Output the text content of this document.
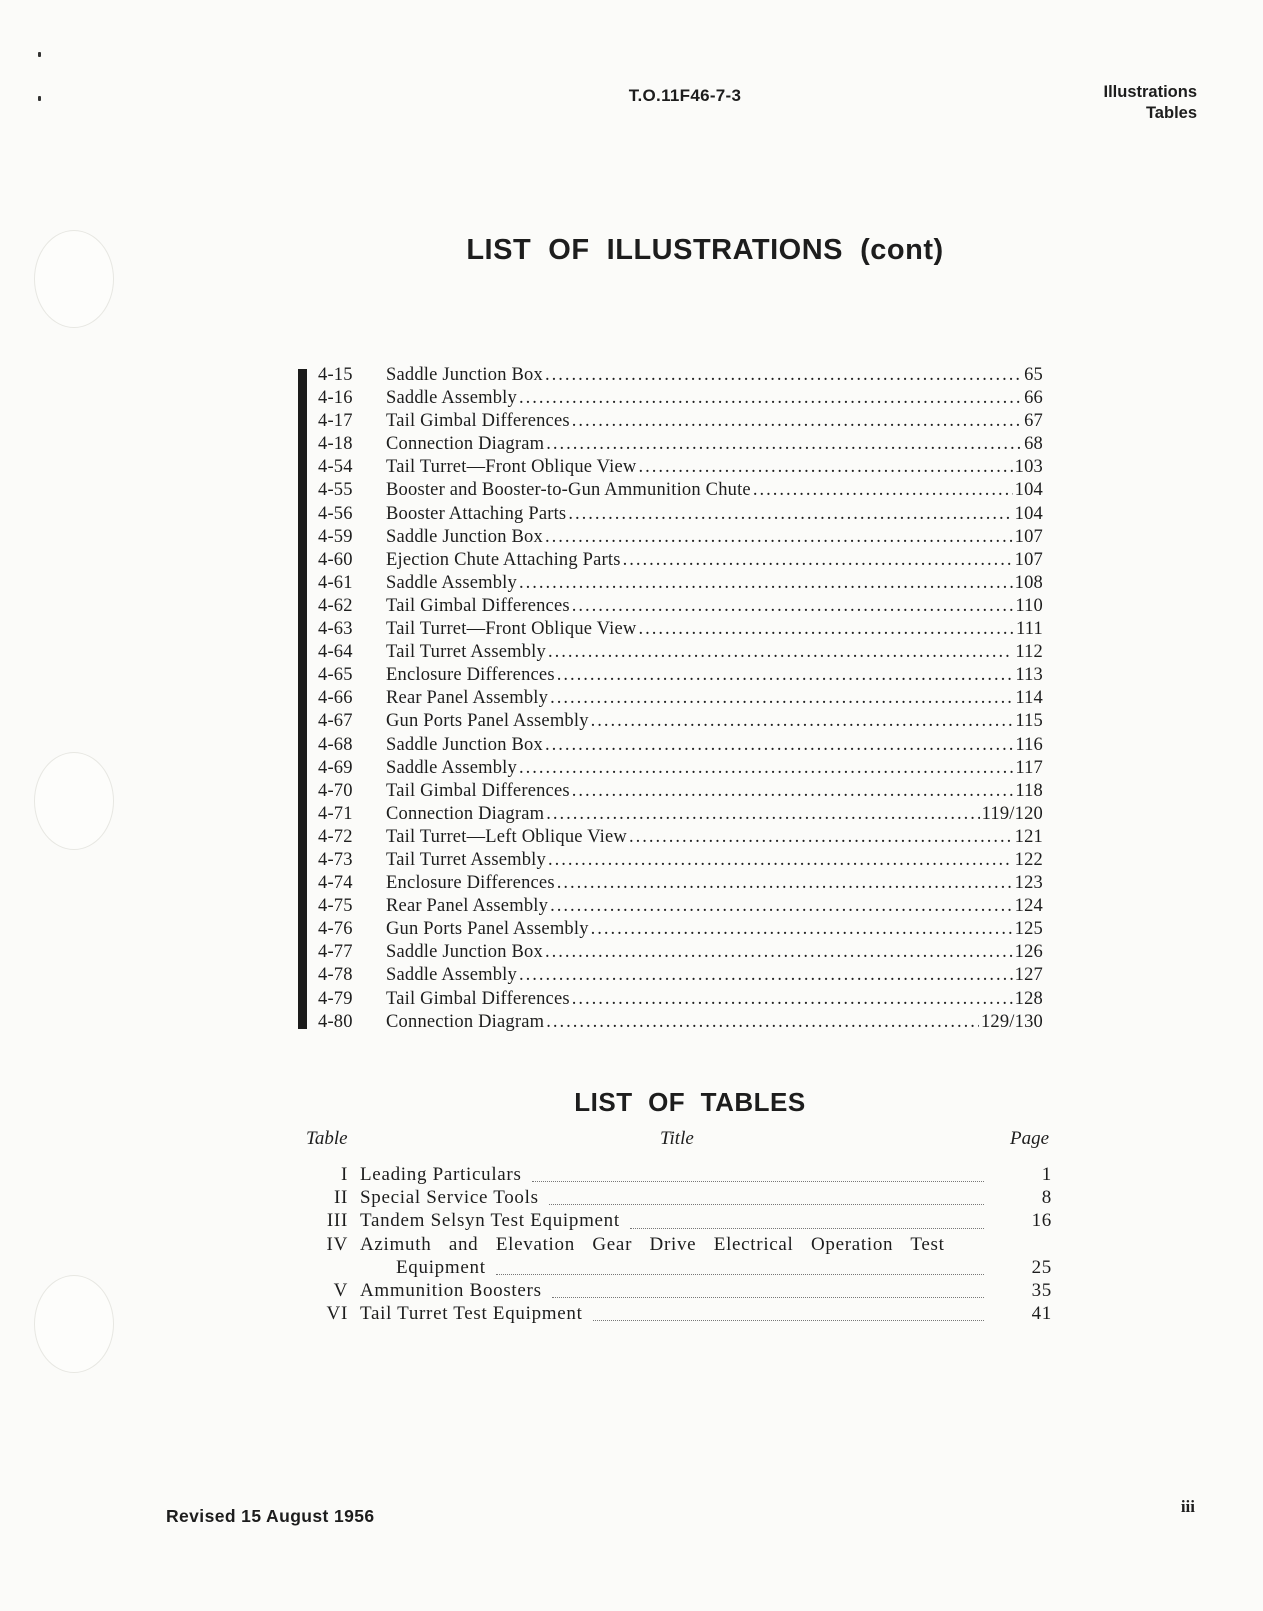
T.O.11F46-7-3	Illustrations
Tables
LIST  OF  ILLUSTRATIONS  (cont)
4-15	Saddle Junction Box .....	65
4-16	Saddle Assembly .....	66
4-17	Tail Gimbal Differences .....	67
4-18	Connection Diagram .....	68
4-54	Tail Turret—Front Oblique View .....	103
4-55	Booster and Booster-to-Gun Ammunition Chute .....	104
4-56	Booster Attaching Parts .....	104
4-59	Saddle Junction Box .....	107
4-60	Ejection Chute Attaching Parts .....	107
4-61	Saddle Assembly .....	108
4-62	Tail Gimbal Differences .....	110
4-63	Tail Turret—Front Oblique View .....	111
4-64	Tail Turret Assembly .....	112
4-65	Enclosure Differences .....	113
4-66	Rear Panel Assembly .....	114
4-67	Gun Ports Panel Assembly .....	115
4-68	Saddle Junction Box .....	116
4-69	Saddle Assembly .....	117
4-70	Tail Gimbal Differences .....	118
4-71	Connection Diagram .....	119/120
4-72	Tail Turret—Left Oblique View .....	121
4-73	Tail Turret Assembly .....	122
4-74	Enclosure Differences .....	123
4-75	Rear Panel Assembly .....	124
4-76	Gun Ports Panel Assembly .....	125
4-77	Saddle Junction Box .....	126
4-78	Saddle Assembly .....	127
4-79	Tail Gimbal Differences .....	128
4-80	Connection Diagram .....	129/130
LIST  OF  TABLES
Table	Title	Page
I Leading Particulars	1
II Special Service Tools	8
III Tandem Selsyn Test Equipment	16
IV Azimuth and Elevation Gear Drive Electrical Operation Test
Equipment	25
V Ammunition Boosters	35
VI Tail Turret Test Equipment	41
Revised 15 August 1956	iii
